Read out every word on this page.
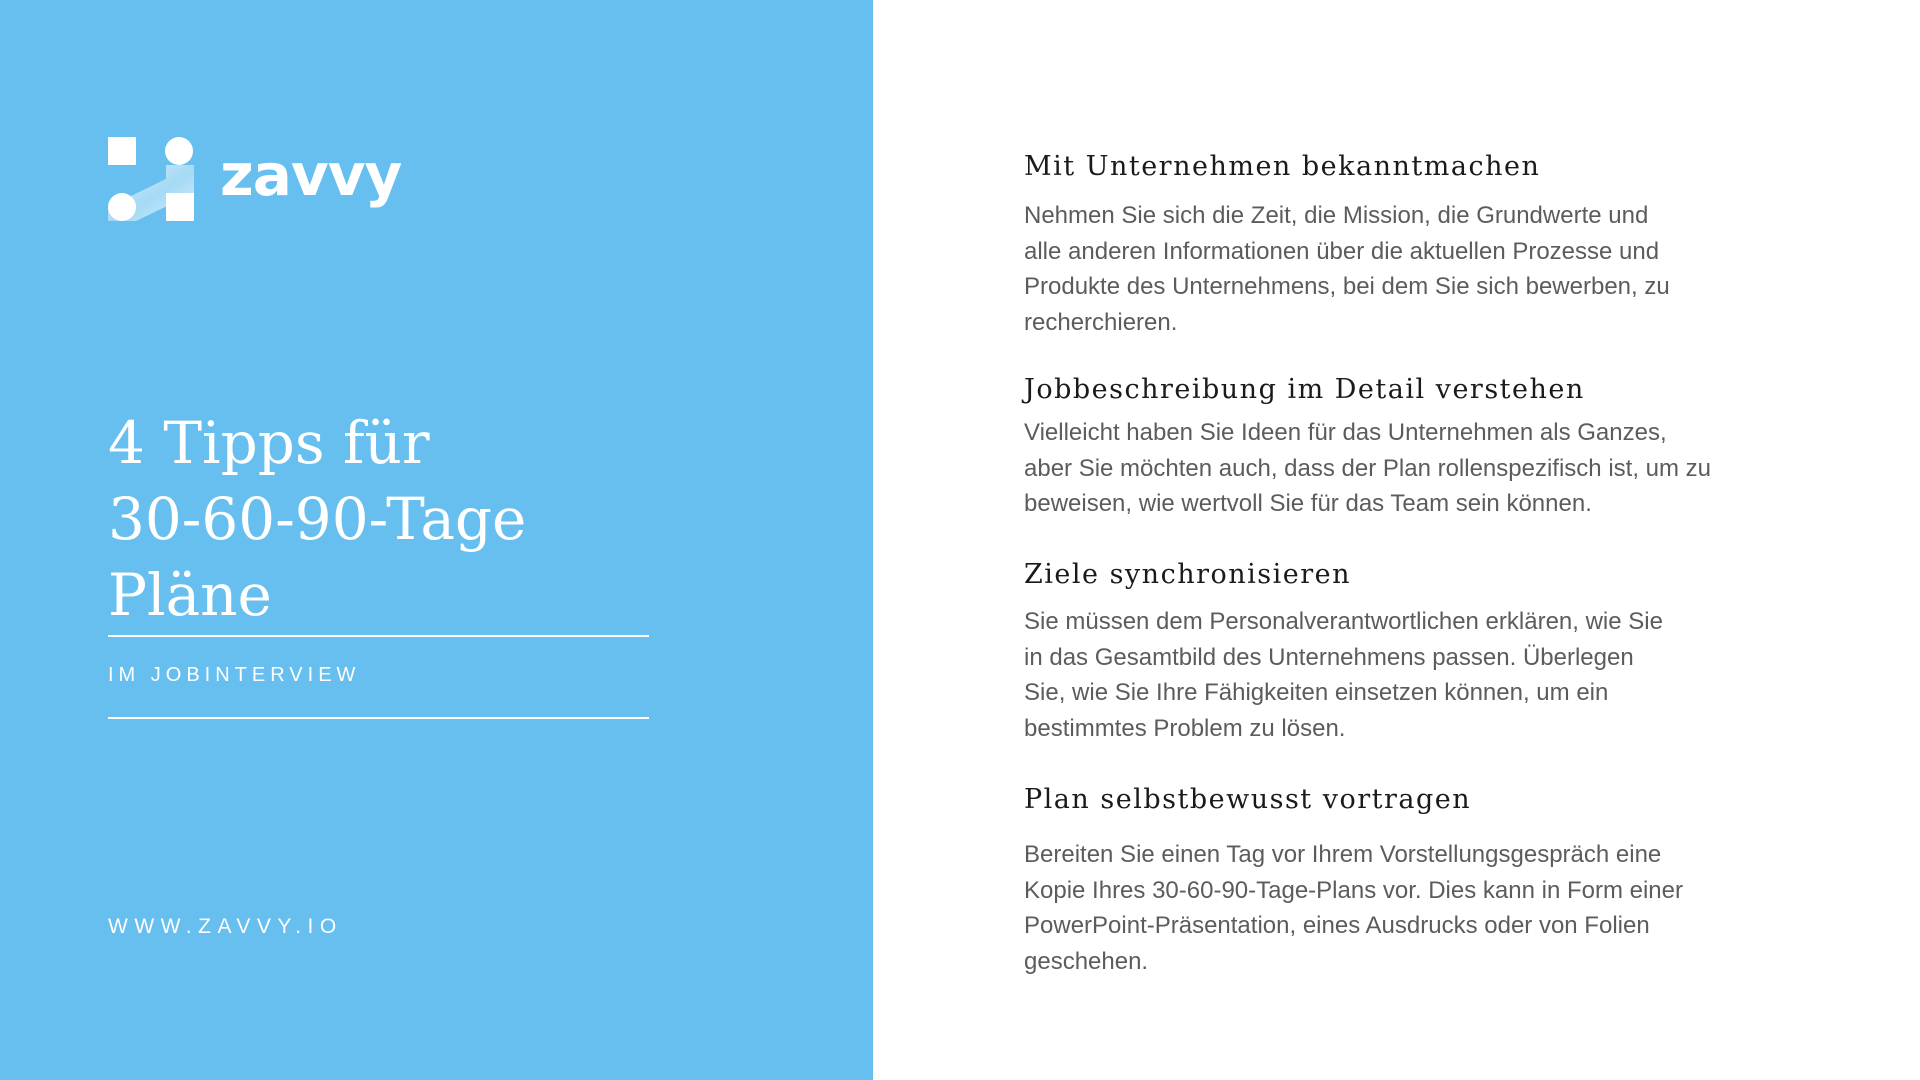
zavvy
4 Tipps für
30-60-90-Tage
Pläne
IM JOBINTERVIEW
WWW.ZAVVY.IO
Mit Unternehmen bekanntmachen
Nehmen Sie sich die Zeit, die Mission, die Grundwerte und
alle anderen Informationen über die aktuellen Prozesse und
Produkte des Unternehmens, bei dem Sie sich bewerben, zu
recherchieren.
Jobbeschreibung im Detail verstehen
Vielleicht haben Sie Ideen für das Unternehmen als Ganzes,
aber Sie möchten auch, dass der Plan rollenspezifisch ist, um zu
beweisen, wie wertvoll Sie für das Team sein können.
Ziele synchronisieren
Sie müssen dem Personalverantwortlichen erklären, wie Sie
in das Gesamtbild des Unternehmens passen. Überlegen
Sie, wie Sie Ihre Fähigkeiten einsetzen können, um ein
bestimmtes Problem zu lösen.
Plan selbstbewusst vortragen
Bereiten Sie einen Tag vor Ihrem Vorstellungsgespräch eine
Kopie Ihres 30-60-90-Tage-Plans vor. Dies kann in Form einer
PowerPoint-Präsentation, eines Ausdrucks oder von Folien
geschehen.
